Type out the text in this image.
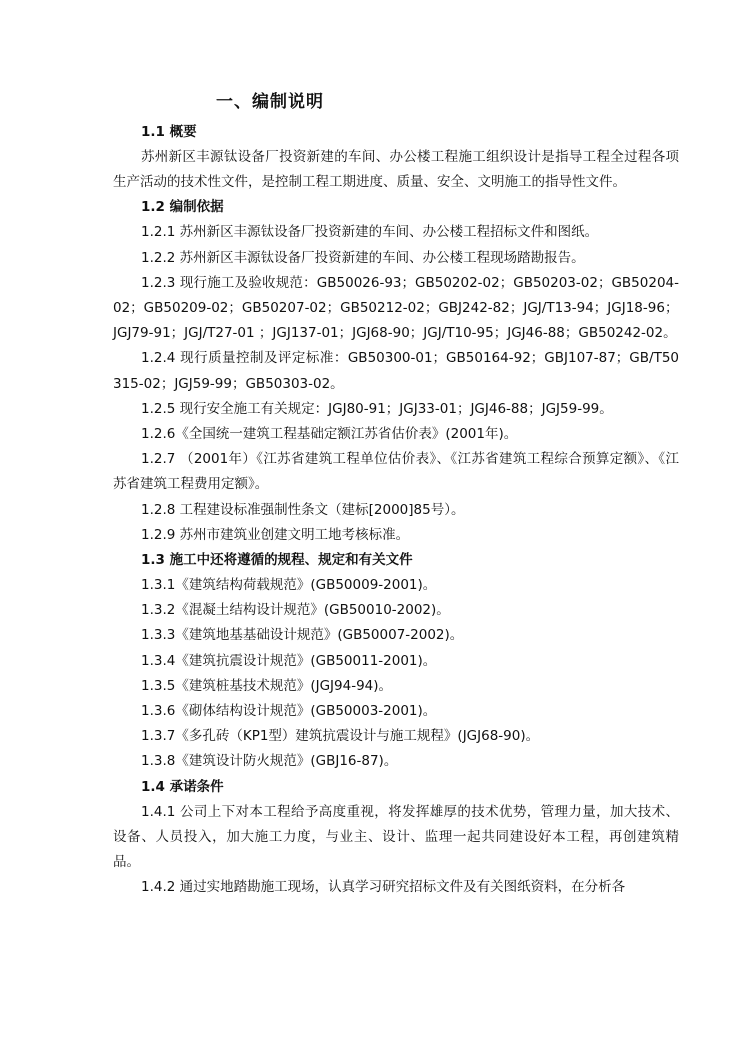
一、编制说明
1.1 概要

苏州新区丰源钛设备厂投资新建的车间、办公楼工程施工组织设计是指导工程全过程各项生产活动的技术性文件，是控制工程工期进度、质量、安全、文明施工的指导性文件。

1.2 编制依据

1.2.1 苏州新区丰源钛设备厂投资新建的车间、办公楼工程招标文件和图纸。

1.2.2 苏州新区丰源钛设备厂投资新建的车间、办公楼工程现场踏勘报告。

1.2.3 现行施工及验收规范：GB50026-93；GB50202-02；GB50203-02；GB50204-02；GB50209-02；GB50207-02；GB50212-02；GBJ242-82；JGJ/T13-94；JGJ18-96；JGJ79-91；JGJ/T27-01 ；JGJ137-01；JGJ68-90；JGJ/T10-95；JGJ46-88；GB50242-02。

1.2.4 现行质量控制及评定标准：GB50300-01；GB50164-92；GBJ107-87；GB/T50315-02；JGJ59-99；GB50303-02。

1.2.5 现行安全施工有关规定：JGJ80-91；JGJ33-01；JGJ46-88；JGJ59-99。

1.2.6《全国统一建筑工程基础定额江苏省估价表》(2001年)。

1.2.7 （2001年）《江苏省建筑工程单位估价表》、《江苏省建筑工程综合预算定额》、《江苏省建筑工程费用定额》。

1.2.8 工程建设标准强制性条文（建标[2000]85号）。

1.2.9 苏州市建筑业创建文明工地考核标准。

1.3 施工中还将遵循的规程、规定和有关文件

1.3.1《建筑结构荷载规范》(GB50009-2001)。

1.3.2《混凝土结构设计规范》(GB50010-2002)。

1.3.3《建筑地基基础设计规范》(GB50007-2002)。

1.3.4《建筑抗震设计规范》(GB50011-2001)。

1.3.5《建筑桩基技术规范》(JGJ94-94)。

1.3.6《砌体结构设计规范》(GB50003-2001)。

1.3.7《多孔砖（KP1型）建筑抗震设计与施工规程》(JGJ68-90)。

1.3.8《建筑设计防火规范》(GBJ16-87)。

1.4 承诺条件

1.4.1 公司上下对本工程给予高度重视，将发挥雄厚的技术优势，管理力量，加大技术、设备、人员投入，加大施工力度，与业主、设计、监理一起共同建设好本工程，再创建筑精品。

1.4.2 通过实地踏勘施工现场，认真学习研究招标文件及有关图纸资料，在分析各
